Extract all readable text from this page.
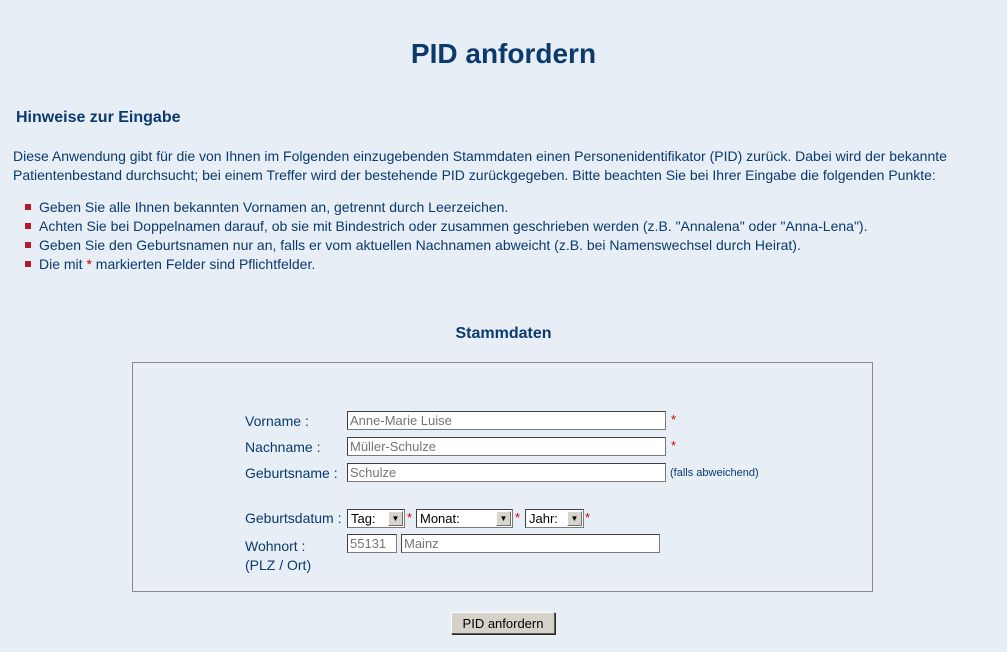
PID anfordern
Hinweise zur Eingabe

Diese Anwendung gibt für die von Ihnen im Folgenden einzugebenden Stammdaten einen Personenidentifikator (PID) zurück. Dabei wird der bekannte Patientenbestand durchsucht; bei einem Treffer wird der bestehende PID zurückgegeben. Bitte beachten Sie bei Ihrer Eingabe die folgenden Punkte:

Geben Sie alle Ihnen bekannten Vornamen an, getrennt durch Leerzeichen.
Achten Sie bei Doppelnamen darauf, ob sie mit Bindestrich oder zusammen geschrieben werden (z.B. "Annalena" oder "Anna-Lena").
Geben Sie den Geburtsnamen nur an, falls er vom aktuellen Nachnamen abweicht (z.B. bei Namenswechsel durch Heirat).
Die mit * markierten Felder sind Pflichtfelder.
Stammdaten
Vorname :
Anne-Marie Luise	*
Nachname :
Müller-Schulze	*
Geburtsname :
Schulze	(falls abweichend)
Geburtsdatum : Tag:	▼ * Monat:	▼ * Jahr:	▼ *
Wohnort :
(PLZ / Ort)
55131
Mainz
PID anfordern
